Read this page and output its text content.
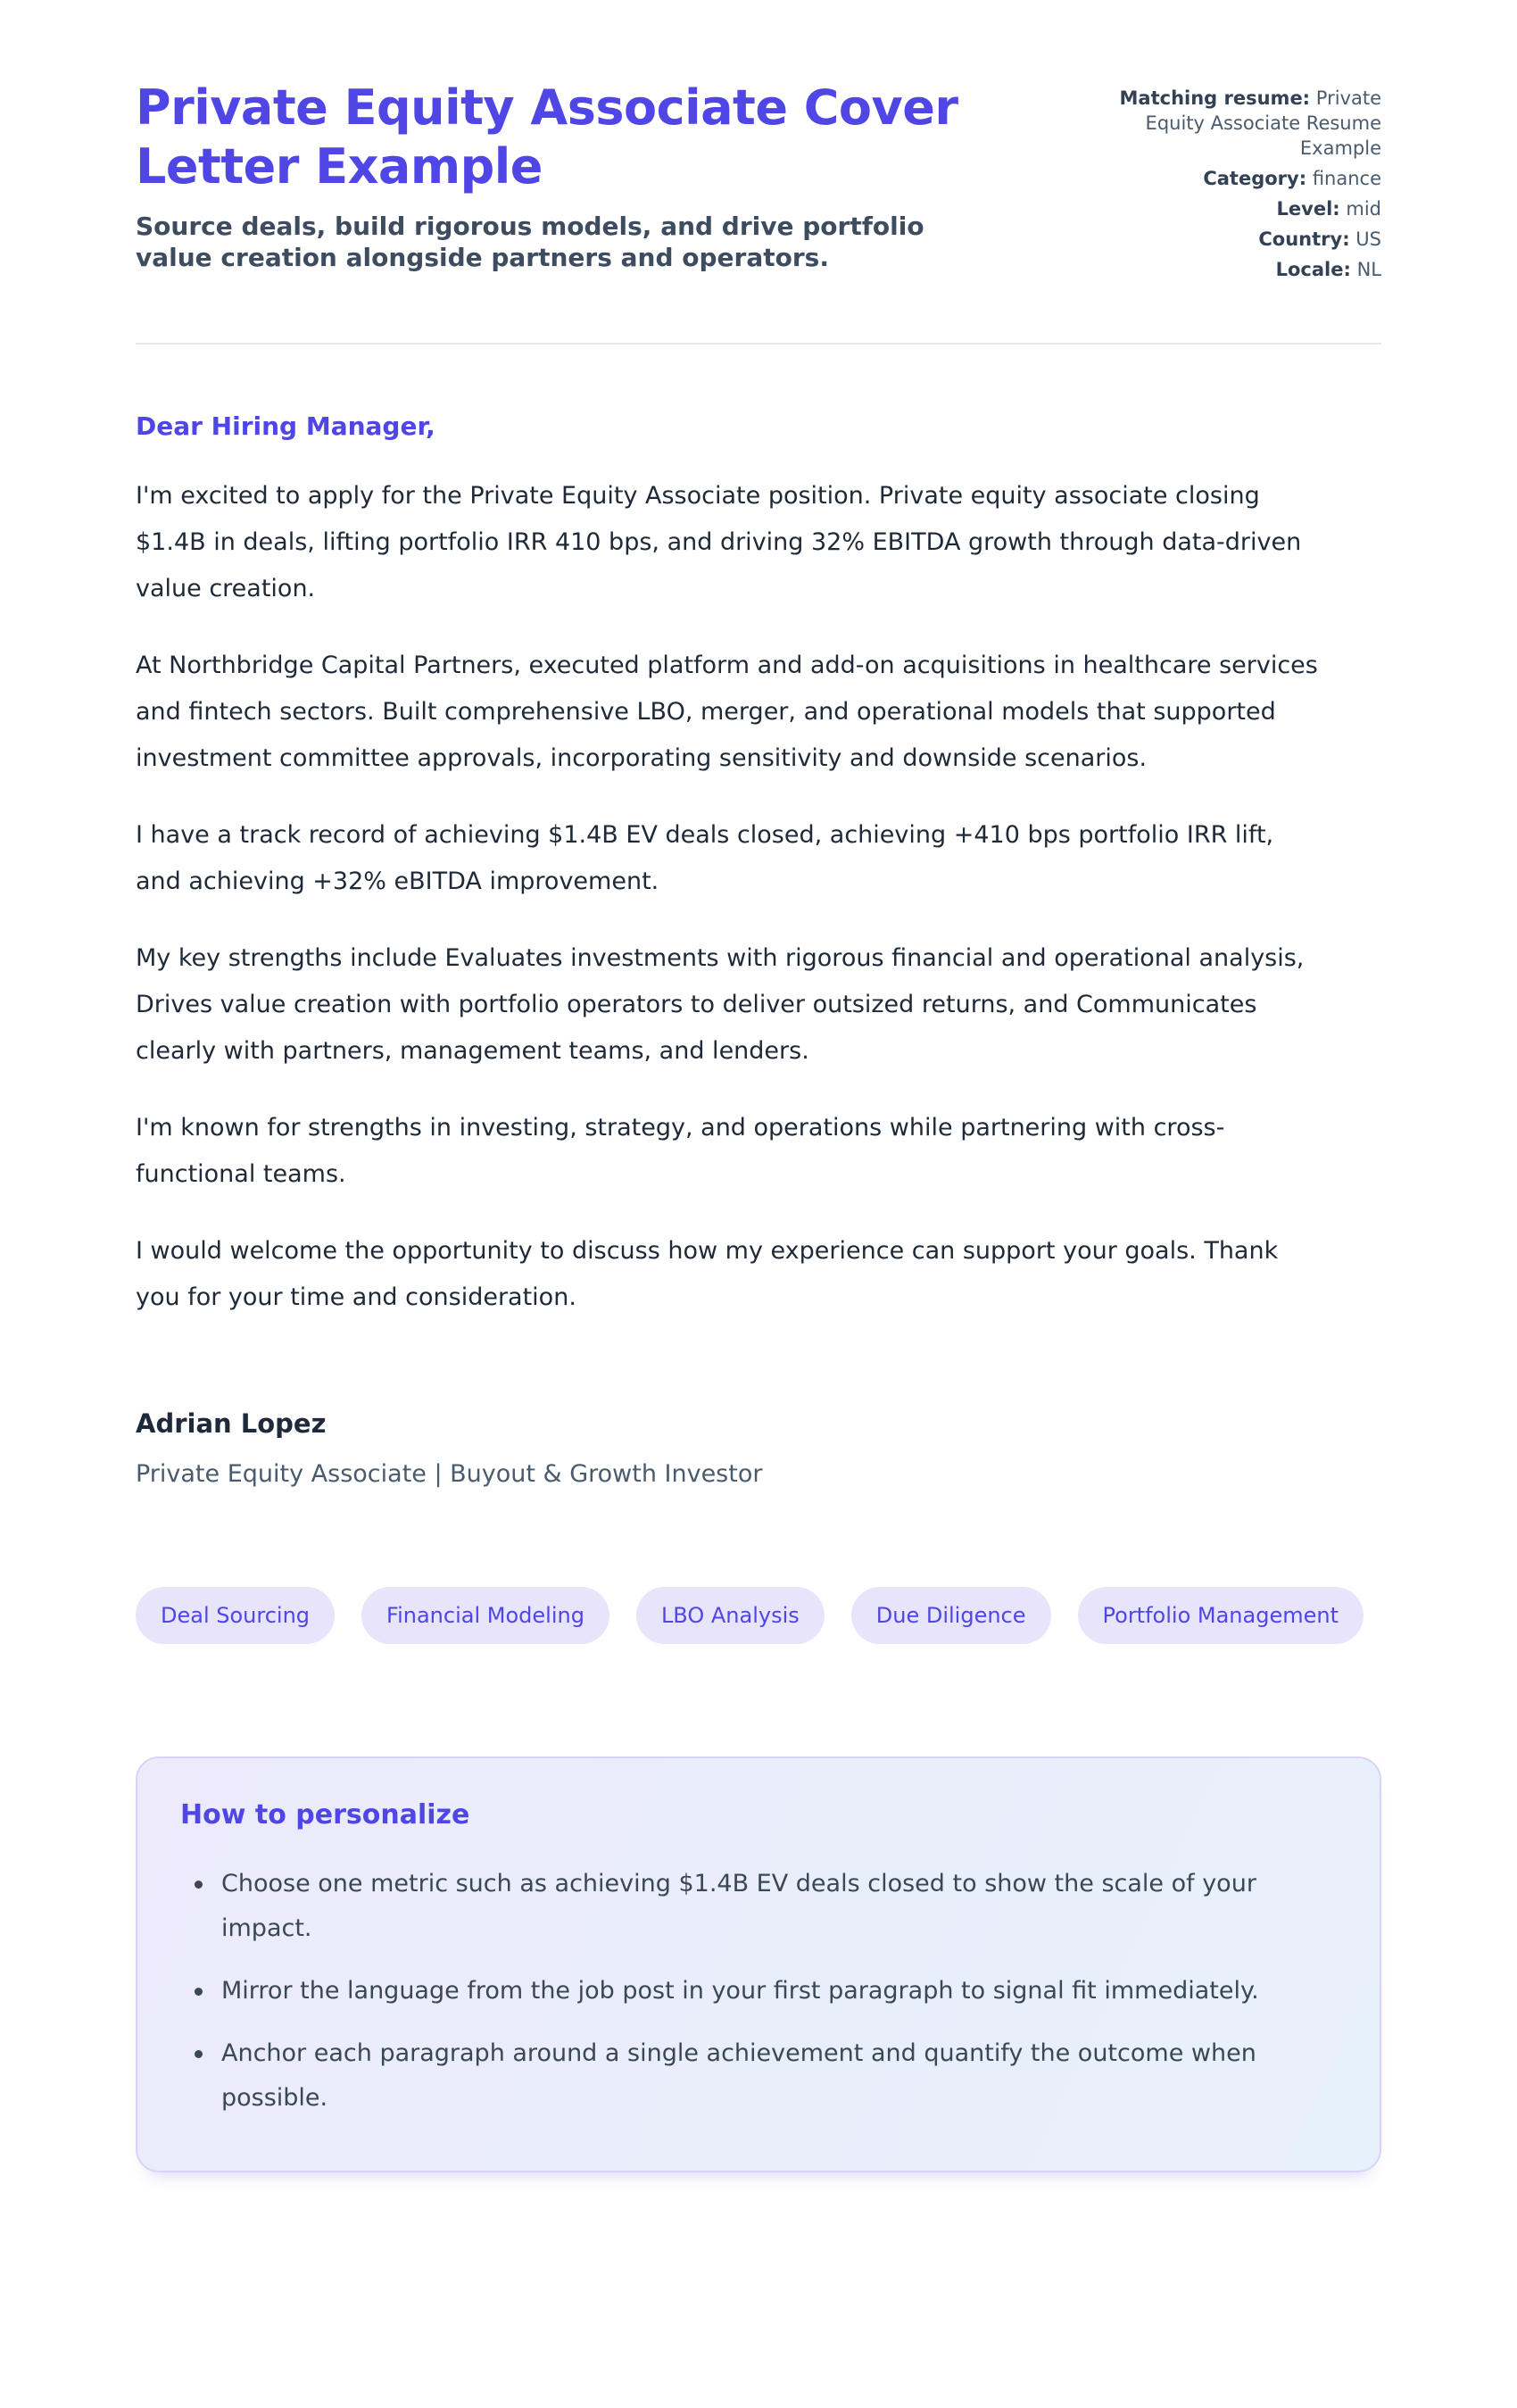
Private Equity Associate Cover Letter Example

Source deals, build rigorous models, and drive portfolio value creation alongside partners and operators.

Matching resume: Private Equity Associate Resume Example
Category: finance
Level: mid
Country: US
Locale: NL

Dear Hiring Manager,

I'm excited to apply for the Private Equity Associate position. Private equity associate closing $1.4B in deals, lifting portfolio IRR 410 bps, and driving 32% EBITDA growth through data-driven value creation.

At Northbridge Capital Partners, executed platform and add-on acquisitions in healthcare services and fintech sectors. Built comprehensive LBO, merger, and operational models that supported investment committee approvals, incorporating sensitivity and downside scenarios.

I have a track record of achieving $1.4B EV deals closed, achieving +410 bps portfolio IRR lift, and achieving +32% eBITDA improvement.

My key strengths include Evaluates investments with rigorous financial and operational analysis, Drives value creation with portfolio operators to deliver outsized returns, and Communicates clearly with partners, management teams, and lenders.

I'm known for strengths in investing, strategy, and operations while partnering with cross-functional teams.

I would welcome the opportunity to discuss how my experience can support your goals. Thank you for your time and consideration.

Adrian Lopez

Private Equity Associate | Buyout & Growth Investor

Deal Sourcing	Financial Modeling	LBO Analysis	Due Diligence	Portfolio Management
How to personalize
Choose one metric such as achieving $1.4B EV deals closed to show the scale of your impact.
Mirror the language from the job post in your first paragraph to signal fit immediately.
Anchor each paragraph around a single achievement and quantify the outcome when possible.
